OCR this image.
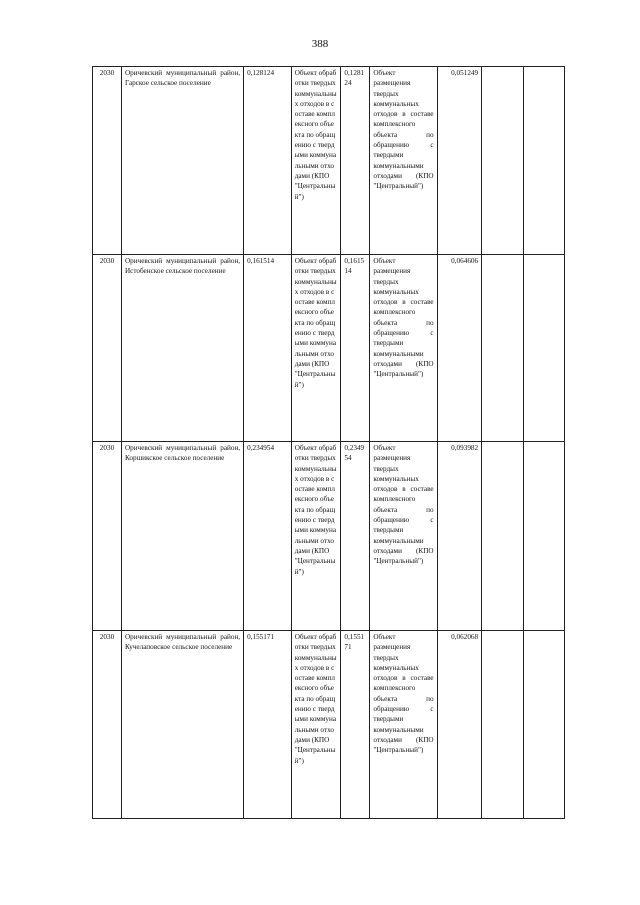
388
2030	Оричевский муниципальный район, Гарское сельское поселение	0,128124	Объект обработки твердых коммунальных отходов в составе комплексного объекта по обращению с твердыми коммунальными отходами (КПО "Центральный")	0,128124	Объект размещения твердых коммунальных отходов в составе комплексного объекта по обращению с твердыми коммунальными отходами (КПО "Центральный")	0,051249		
2030	Оричевский муниципальный район, Истобенское сельское поселение	0,161514	Объект обработки твердых коммунальных отходов в составе комплексного объекта по обращению с твердыми коммунальными отходами (КПО "Центральный")	0,161514	Объект размещения твердых коммунальных отходов в составе комплексного объекта по обращению с твердыми коммунальными отходами (КПО "Центральный")	0,064606		
2030	Оричевский муниципальный район, Коршикское сельское поселение	0,234954	Объект обработки твердых коммунальных отходов в составе комплексного объекта по обращению с твердыми коммунальными отходами (КПО "Центральный")	0,234954	Объект размещения твердых коммунальных отходов в составе комплексного объекта по обращению с твердыми коммунальными отходами (КПО "Центральный")	0,093982		
2030	Оричевский муниципальный район, Кучелаповское сельское поселение	0,155171	Объект обработки твердых коммунальных отходов в составе комплексного объекта по обращению с твердыми коммунальными отходами (КПО "Центральный")	0,155171	Объект размещения твердых коммунальных отходов в составе комплексного объекта по обращению с твердыми коммунальными отходами (КПО "Центральный")	0,062068		
